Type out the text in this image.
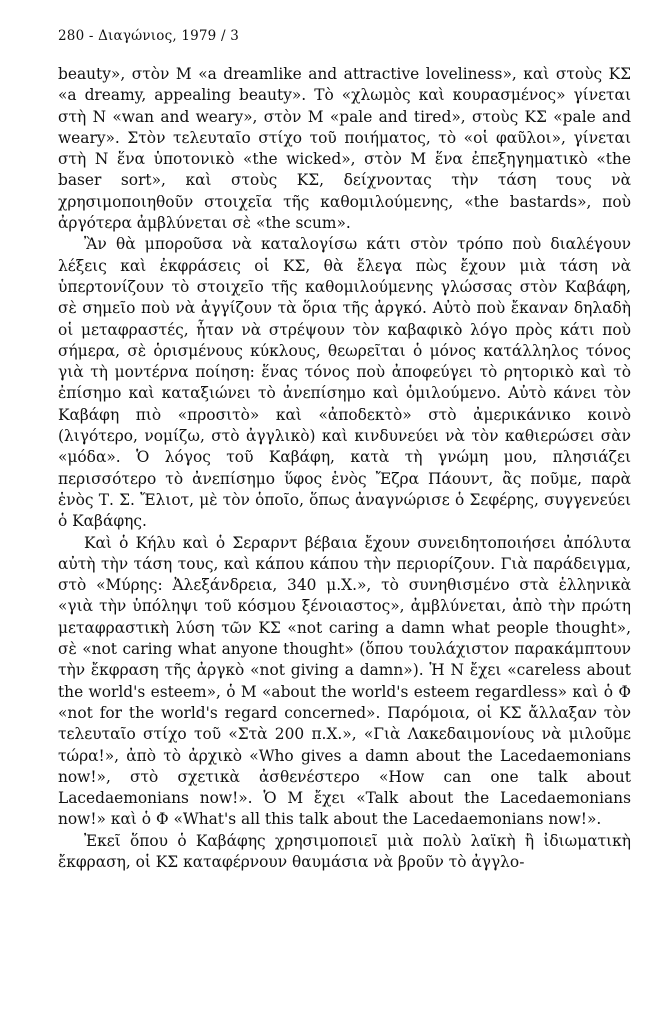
280 - Διαγώνιος, 1979 / 3

beauty», στὸν Μ «a dreamlike and attractive loveliness», καὶ στοὺς ΚΣ «a dreamy, appealing beauty». Τὸ «χλωμὸς καὶ κουρασμένος» γίνεται στὴ Ν «wan and weary», στὸν Μ «pale and tired», στοὺς ΚΣ «pale and weary». Στὸν τελευταῖο στίχο τοῦ ποιήματος, τὸ «οἱ φαῦλοι», γίνεται στὴ Ν ἕνα ὑποτονικὸ «the wicked», στὸν Μ ἕνα ἐπεξηγηματικὸ «the baser sort», καὶ στοὺς ΚΣ, δείχνοντας τὴν τάση τους νὰ χρησιμοποιηθοῦν στοιχεῖα τῆς καθομιλούμενης, «the bastards», ποὺ ἀργότερα ἀμβλύνεται σὲ «the scum».

Ἂν θὰ μποροῦσα νὰ καταλογίσω κάτι στὸν τρόπο ποὺ διαλέγουν λέξεις καὶ ἐκφράσεις οἱ ΚΣ, θὰ ἔλεγα πὼς ἔχουν μιὰ τάση νὰ ὑπερτονίζουν τὸ στοιχεῖο τῆς καθομιλούμενης γλώσσας στὸν Καβάφη, σὲ σημεῖο ποὺ νὰ ἀγγίζουν τὰ ὅρια τῆς ἀργκό. Αὐτὸ ποὺ ἔκαναν δηλαδὴ οἱ μεταφραστές, ἦταν νὰ στρέψουν τὸν καβαφικὸ λόγο πρὸς κάτι ποὺ σήμερα, σὲ ὁρισμένους κύκλους, θεωρεῖται ὁ μόνος κατάλληλος τόνος γιὰ τὴ μοντέρνα ποίηση: ἕνας τόνος ποὺ ἀποφεύγει τὸ ρητορικὸ καὶ τὸ ἐπίσημο καὶ καταξιώνει τὸ ἀνεπίσημο καὶ ὁμιλούμενο. Αὐτὸ κάνει τὸν Καβάφη πιὸ «προσιτὸ» καὶ «ἀποδεκτὸ» στὸ ἀμερικάνικο κοινὸ (λιγότερο, νομίζω, στὸ ἀγγλικὸ) καὶ κινδυνεύει νὰ τὸν καθιερώσει σὰν «μόδα». Ὁ λόγος τοῦ Καβάφη, κατὰ τὴ γνώμη μου, πλησιάζει περισσότερο τὸ ἀνεπίσημο ὕφος ἑνὸς Ἔζρα Πάουντ, ἂς ποῦμε, παρὰ ἑνὸς Τ. Σ. Ἔλιοτ, μὲ τὸν ὁποῖο, ὅπως ἀναγνώρισε ὁ Σεφέρης, συγγενεύει ὁ Καβάφης.

Καὶ ὁ Κήλυ καὶ ὁ Σεραρντ βέβαια ἔχουν συνειδητοποιήσει ἀπόλυτα αὐτὴ τὴν τάση τους, καὶ κάπου κάπου τὴν περιορίζουν. Γιὰ παράδειγμα, στὸ «Μύρης: Ἀλεξάνδρεια, 340 μ.Χ.», τὸ συνηθισμένο στὰ ἑλληνικὰ «γιὰ τὴν ὑπόληψι τοῦ κόσμου ξένοιαστος», ἀμβλύνεται, ἀπὸ τὴν πρώτη μεταφραστικὴ λύση τῶν ΚΣ «not caring a damn what people thought», σὲ «not caring what anyone thought» (ὅπου τουλάχιστον παρακάμπτουν τὴν ἔκφραση τῆς ἀργκὸ «not giving a damn»). Ἡ Ν ἔχει «careless about the world's esteem», ὁ Μ «about the world's esteem regardless» καὶ ὁ Φ «not for the world's regard concerned». Παρόμοια, οἱ ΚΣ ἄλλαξαν τὸν τελευταῖο στίχο τοῦ «Στὰ 200 π.Χ.», «Γιὰ Λακεδαιμονίους νὰ μιλοῦμε τώρα!», ἀπὸ τὸ ἀρχικὸ «Who gives a damn about the Lacedaemonians now!», στὸ σχετικὰ ἀσθενέστερο «How can one talk about Lacedaemonians now!». Ὁ Μ ἔχει «Talk about the Lacedaemonians now!» καὶ ὁ Φ «What's all this talk about the Lacedaemonians now!».

Ἐκεῖ ὅπου ὁ Καβάφης χρησιμοποιεῖ μιὰ πολὺ λαϊκὴ ἢ ἰδιωματικὴ ἔκφραση, οἱ ΚΣ καταφέρνουν θαυμάσια νὰ βροῦν τὸ ἀγγλο-
